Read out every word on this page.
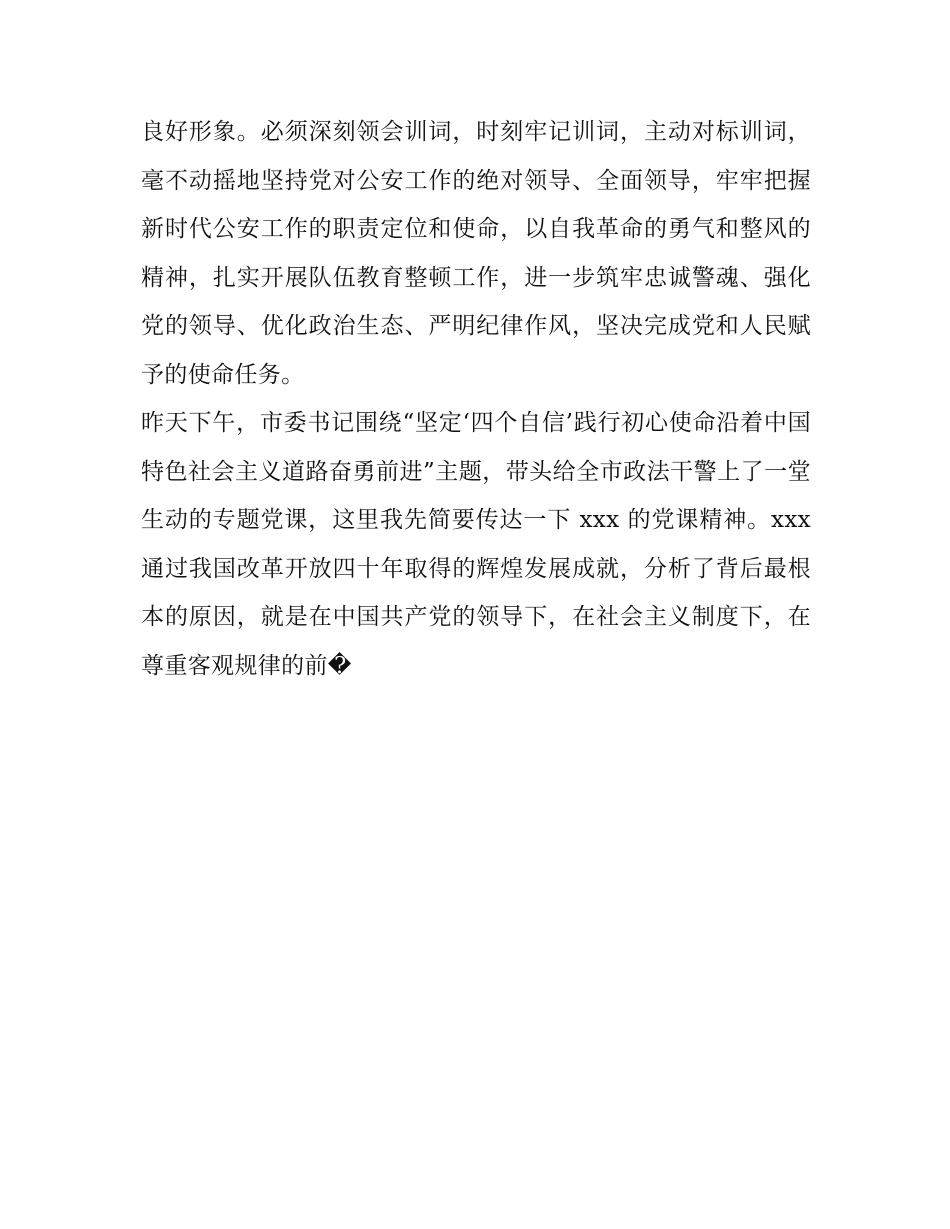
良好形象。必须深刻领会训词，时刻牢记训词，主动对标训词，毫不动摇地坚持党对公安工作的绝对领导、全面领导，牢牢把握新时代公安工作的职责定位和使命，以自我革命的勇气和整风的精神，扎实开展队伍教育整顿工作，进一步筑牢忠诚警魂、强化党的领导、优化政治生态、严明纪律作风，坚决完成党和人民赋予的使命任务。

昨天下午，市委书记围绕“坚定‘四个自信’践行初心使命沿着中国特色社会主义道路奋勇前进”主题，带头给全市政法干警上了一堂生动的专题党课，这里我先简要传达一下 xxx 的党课精神。xxx 通过我国改革开放四十年取得的辉煌发展成就，分析了背后最根本的原因，就是在中国共产党的领导下，在社会主义制度下，在尊重客观规律的前�
